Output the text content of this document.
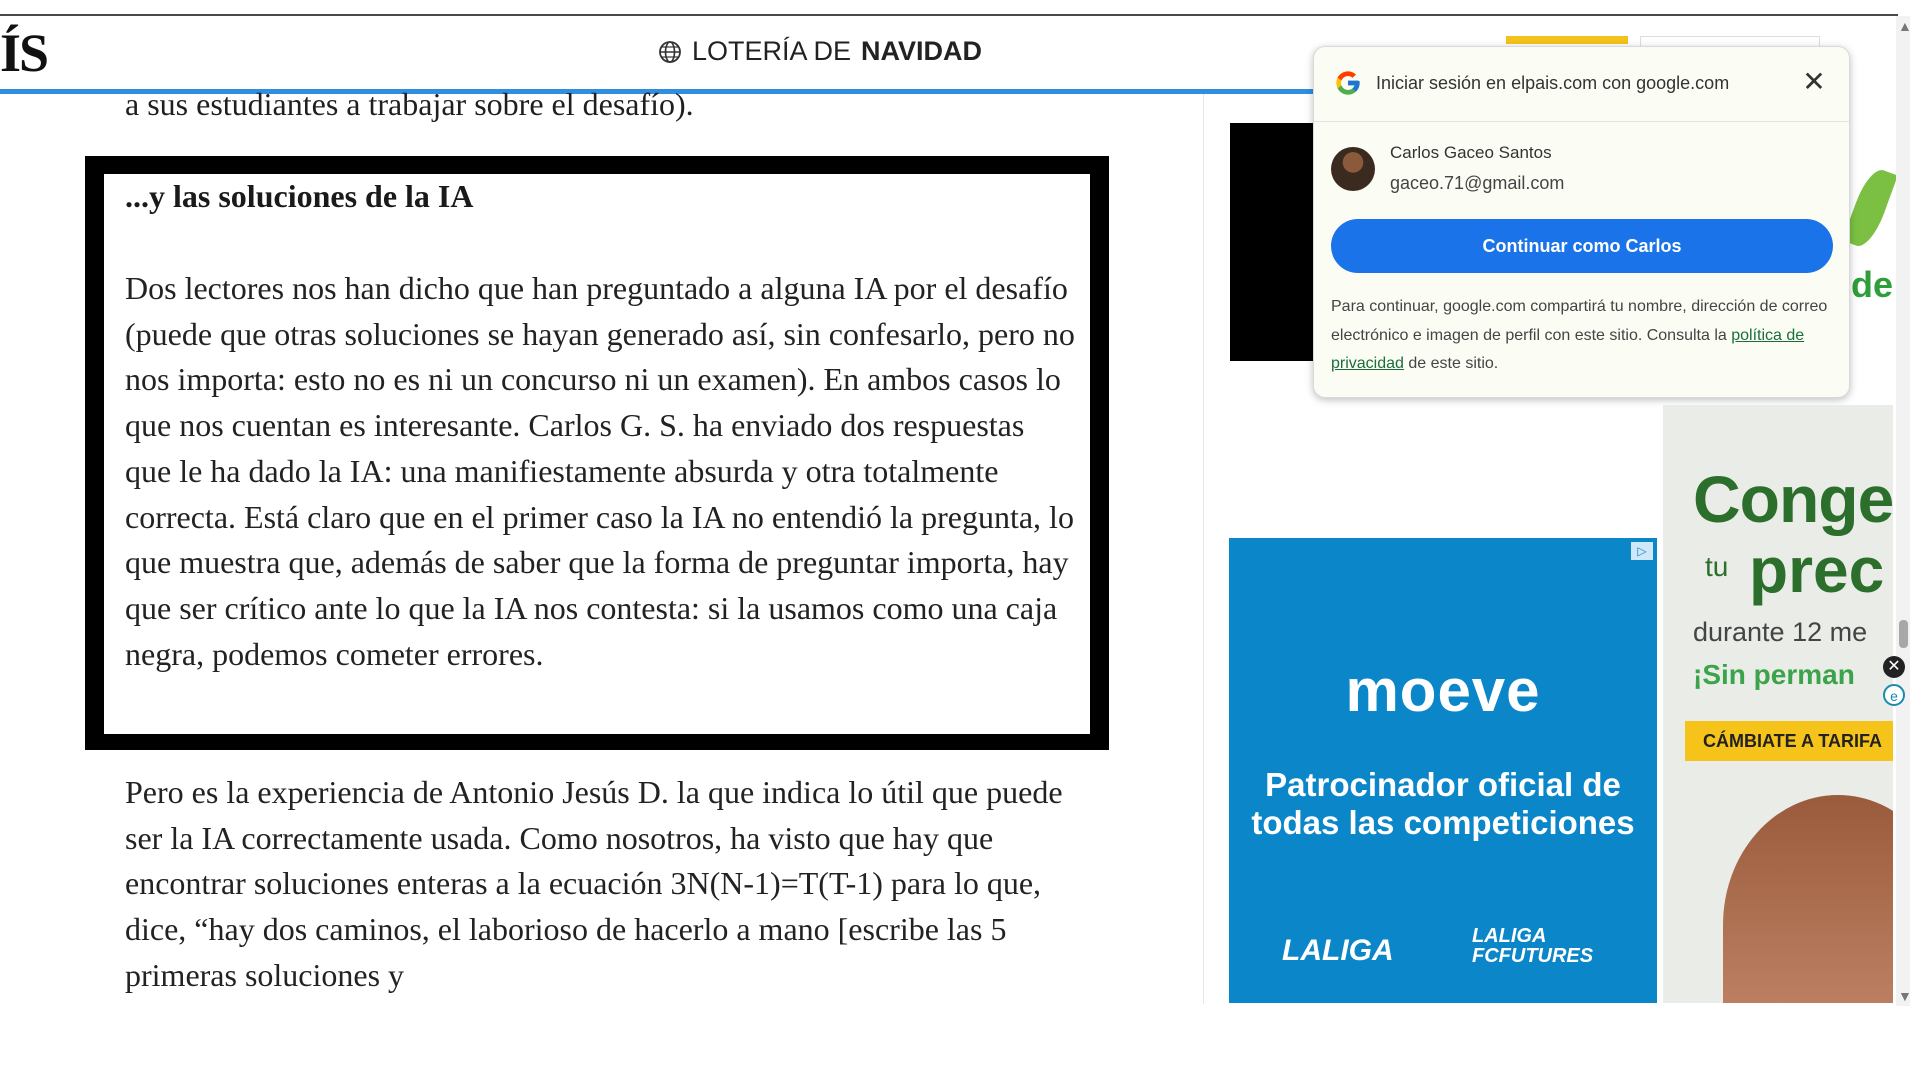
ÍS	LOTERÍA DE NAVIDAD
a sus estudiantes a trabajar sobre el desafío).
...y las soluciones de la IA
Dos lectores nos han dicho que han preguntado a alguna IA por el desafío (puede que otras soluciones se hayan generado así, sin confesarlo, pero no nos importa: esto no es ni un concurso ni un examen). En ambos casos lo que nos cuentan es interesante. Carlos G. S. ha enviado dos respuestas que le ha dado la IA: una manifiestamente absurda y otra totalmente correcta. Está claro que en el primer caso la IA no entendió la pregunta, lo que muestra que, además de saber que la forma de preguntar importa, hay que ser crítico ante lo que la IA nos contesta: si la usamos como una caja negra, podemos cometer errores.
Pero es la experiencia de Antonio Jesús D. la que indica lo útil que puede ser la IA correctamente usada. Como nosotros, ha visto que hay que encontrar soluciones enteras a la ecuación 3N(N-1)=T(T-1) para lo que, dice, “hay dos caminos, el laborioso de hacerlo a mano [escribe las 5 primeras soluciones y
de
Iniciar sesión en elpais.com con google.com	✕
Carlos Gaceo Santos
gaceo.71@gmail.com
Continuar como Carlos
Para continuar, google.com compartirá tu nombre, dirección de correo electrónico e imagen de perfil con este sitio. Consulta la política de privacidad de este sitio.
▷
moeve
Patrocinador oficial de todas las competiciones
LALIGA	LALIGA
FCFUTURES
Conge
tu prec
durante 12 me
¡Sin perman
CÁMBIATE A TARIFA
▲
▼
✕
e
